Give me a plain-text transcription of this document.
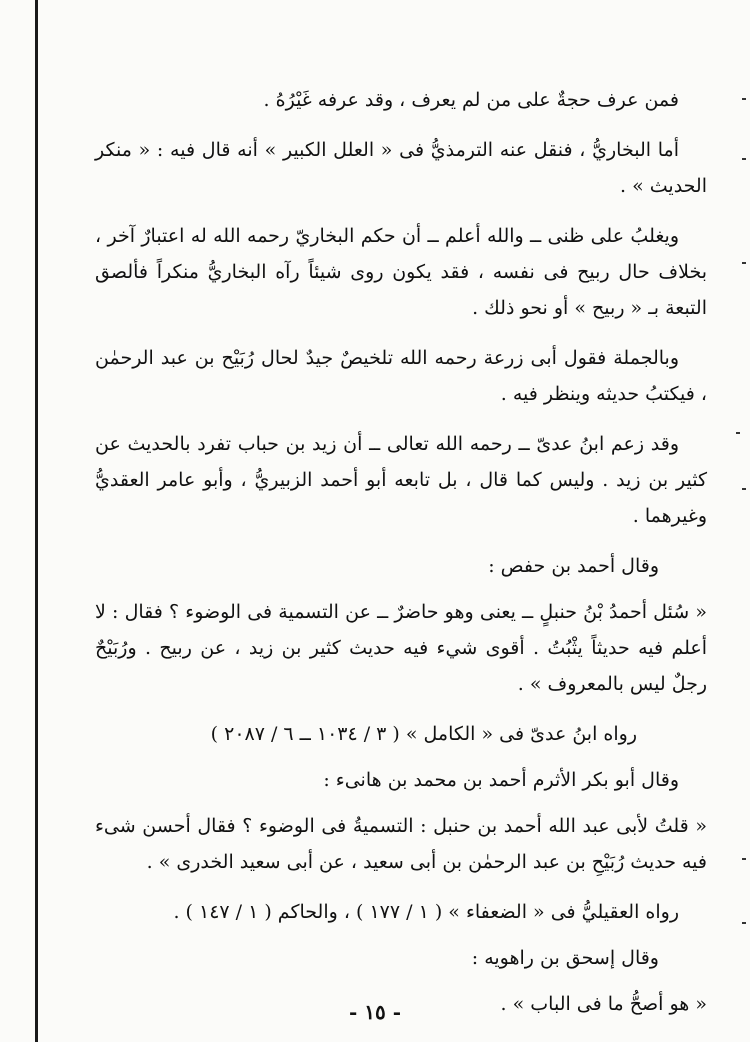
فمن عرف حجةٌ على من لم يعرف ، وقد عرفه غَيْرُهُ .

أما البخاريُّ ، فنقل عنه الترمذيُّ فى « العلل الكبير » أنه قال فيه : « منكر الحديث » .

ويغلبُ على ظنى ــ والله أعلم ــ أن حكم البخاريّ رحمه الله له اعتبارٌ آخر ، بخلاف حال ربيح فى نفسه ، فقد يكون روى شيئاً رآه البخاريُّ منكراً فألصق التبعة بـ « ربيح » أو نحو ذلك .

وبالجملة فقول أبى زرعة رحمه الله تلخيصٌ جيدٌ لحال رُبَيْح بن عبد الرحمٰن ، فيكتبُ حديثه وينظر فيه .

وقد زعم ابنُ عدىّ ــ رحمه الله تعالى ــ أن زيد بن حباب تفرد بالحديث عن كثير بن زيد . وليس كما قال ، بل تابعه أبو أحمد الزبيريُّ ، وأبو عامر العقديُّ وغيرهما .

وقال أحمد بن حفص :

« سُئل أحمدُ بْنُ حنبلٍ ــ يعنى وهو حاضرٌ ــ عن التسمية فى الوضوء ؟ فقال : لا أعلم فيه حديثاً يثْبُتُ . أقوى شيء فيه حديث كثير بن زيد ، عن ربيح . ورُبَيْحٌ رجلٌ ليس بالمعروف » .

رواه ابنُ عدىّ فى « الكامل » ( ٣ / ١٠٣٤ ــ ٦ / ٢٠٨٧ )

وقال أبو بكر الأثرم أحمد بن محمد بن هانىء :

« قلتُ لأبى عبد الله أحمد بن حنبل : التسميةُ فى الوضوء ؟ فقال أحسن شىء فيه حديث رُبَيْحِ بن عبد الرحمٰن بن أبى سعيد ، عن أبى سعيد الخدرى » .

رواه العقيليُّ فى « الضعفاء » ( ١ / ١٧٧ ) ، والحاكم ( ١ / ١٤٧ ) .

وقال إسحق بن راهويه :

« هو أصحُّ ما فى الباب » .

- ١٥ -
